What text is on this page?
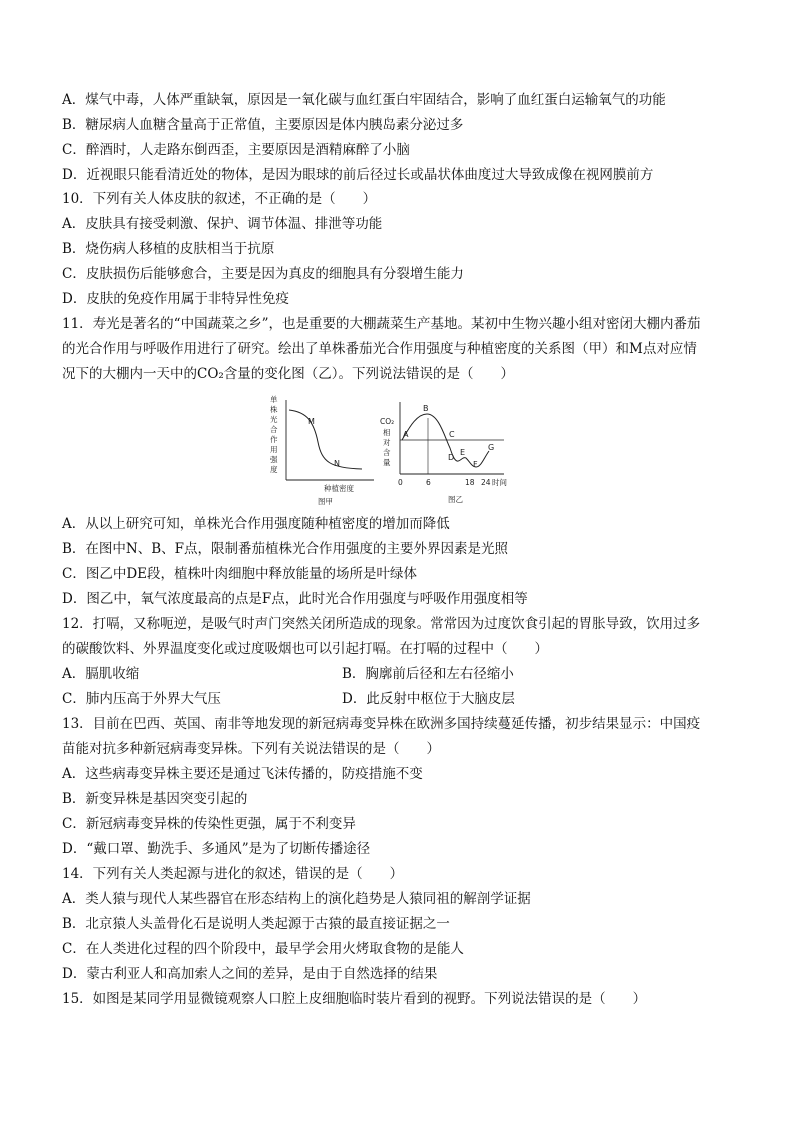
A．煤气中毒，人体严重缺氧，原因是一氧化碳与血红蛋白牢固结合，影响了血红蛋白运输氧气的功能
B．糖尿病人血糖含量高于正常值，主要原因是体内胰岛素分泌过多
C．醉酒时，人走路东倒西歪，主要原因是酒精麻醉了小脑
D．近视眼只能看清近处的物体，是因为眼球的前后径过长或晶状体曲度过大导致成像在视网膜前方
10．下列有关人体皮肤的叙述，不正确的是（　　）
A．皮肤具有接受刺激、保护、调节体温、排泄等功能
B．烧伤病人移植的皮肤相当于抗原
C．皮肤损伤后能够愈合，主要是因为真皮的细胞具有分裂增生能力
D．皮肤的免疫作用属于非特异性免疫
11．寿光是著名的“中国蔬菜之乡”，也是重要的大棚蔬菜生产基地。某初中生物兴趣小组对密闭大棚内番茄
的光合作用与呼吸作用进行了研究。绘出了单株番茄光合作用强度与种植密度的关系图（甲）和M点对应情
况下的大棚内一天中的CO₂含量的变化图（乙）。下列说法错误的是（　　）
单
株
光
合
作
用
强
度
M
N
种植密度
图甲
CO₂
相
对
含
量
A
B
C
D
E
F
G
0	6	18 24 时间
图乙
A．从以上研究可知，单株光合作用强度随种植密度的增加而降低
B．在图中N、B、F点，限制番茄植株光合作用强度的主要外界因素是光照
C．图乙中DE段，植株叶肉细胞中释放能量的场所是叶绿体
D．图乙中，氧气浓度最高的点是F点，此时光合作用强度与呼吸作用强度相等
12．打嗝，又称呃逆，是吸气时声门突然关闭所造成的现象。常常因为过度饮食引起的胃胀导致，饮用过多
的碳酸饮料、外界温度变化或过度吸烟也可以引起打嗝。在打嗝的过程中（　　）
A．膈肌收缩	B．胸廓前后径和左右径缩小
C．肺内压高于外界大气压	D．此反射中枢位于大脑皮层
13．目前在巴西、英国、南非等地发现的新冠病毒变异株在欧洲多国持续蔓延传播，初步结果显示：中国疫
苗能对抗多种新冠病毒变异株。下列有关说法错误的是（　　）
A．这些病毒变异株主要还是通过飞沫传播的，防疫措施不变
B．新变异株是基因突变引起的
C．新冠病毒变异株的传染性更强，属于不利变异
D．“戴口罩、勤洗手、多通风”是为了切断传播途径
14．下列有关人类起源与进化的叙述，错误的是（　　）
A．类人猿与现代人某些器官在形态结构上的演化趋势是人猿同祖的解剖学证据
B．北京猿人头盖骨化石是说明人类起源于古猿的最直接证据之一
C．在人类进化过程的四个阶段中，最早学会用火烤取食物的是能人
D．蒙古利亚人和高加索人之间的差异，是由于自然选择的结果
15．如图是某同学用显微镜观察人口腔上皮细胞临时装片看到的视野。下列说法错误的是（　　）
